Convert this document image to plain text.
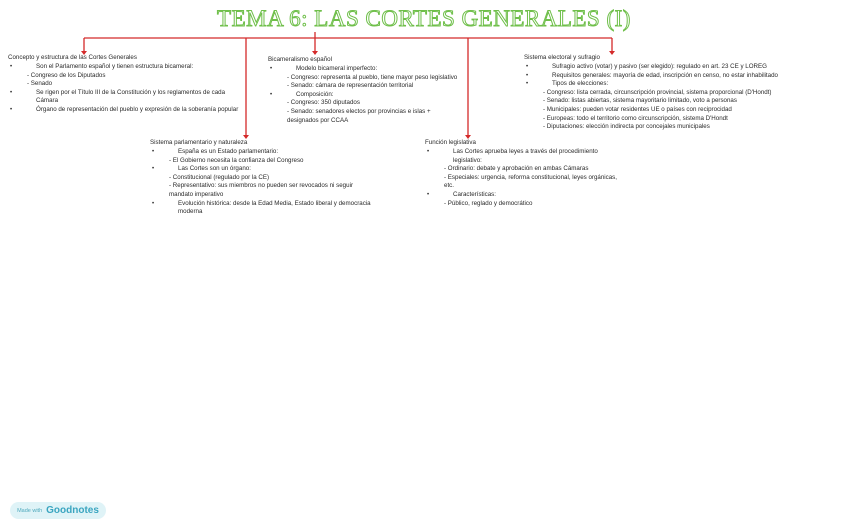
TEMA 6: LAS CORTES GENERALES (I)
Concepto y estructura de las Cortes Generales
• Son el Parlamento español y tienen estructura bicameral:
- Congreso de los Diputados
- Senado
• Se rigen por el Título III de la Constitución y los reglamentos de cada Cámara
• Órgano de representación del pueblo y expresión de la soberanía popular
Bicameralismo español
• Modelo bicameral imperfecto:
- Congreso: representa al pueblo, tiene mayor peso legislativo
- Senado: cámara de representación territorial
• Composición:
- Congreso: 350 diputados
- Senado: senadores electos por provincias e islas + designados por CCAA
Sistema electoral y sufragio
• Sufragio activo (votar) y pasivo (ser elegido): regulado en art. 23 CE y LOREG
• Requisitos generales: mayoría de edad, inscripción en censo, no estar inhabilitado
• Tipos de elecciones:
- Congreso: lista cerrada, circunscripción provincial, sistema proporcional (D'Hondt)
- Senado: listas abiertas, sistema mayoritario limitado, voto a personas
- Municipales: pueden votar residentes UE o países con reciprocidad
- Europeas: todo el territorio como circunscripción, sistema D'Hondt
- Diputaciones: elección indirecta por concejales municipales
Sistema parlamentario y naturaleza
• España es un Estado parlamentario:
- El Gobierno necesita la confianza del Congreso
• Las Cortes son un órgano:
- Constitucional (regulado por la CE)
- Representativo: sus miembros no pueden ser revocados ni seguir mandato imperativo
• Evolución histórica: desde la Edad Media, Estado liberal y democracia moderna
Función legislativa
• Las Cortes aprueba leyes a través del procedimiento legislativo:
- Ordinario: debate y aprobación en ambas Cámaras
- Especiales: urgencia, reforma constitucional, leyes orgánicas, etc.
• Características:
- Público, reglado y democrático
Made with Goodnotes
